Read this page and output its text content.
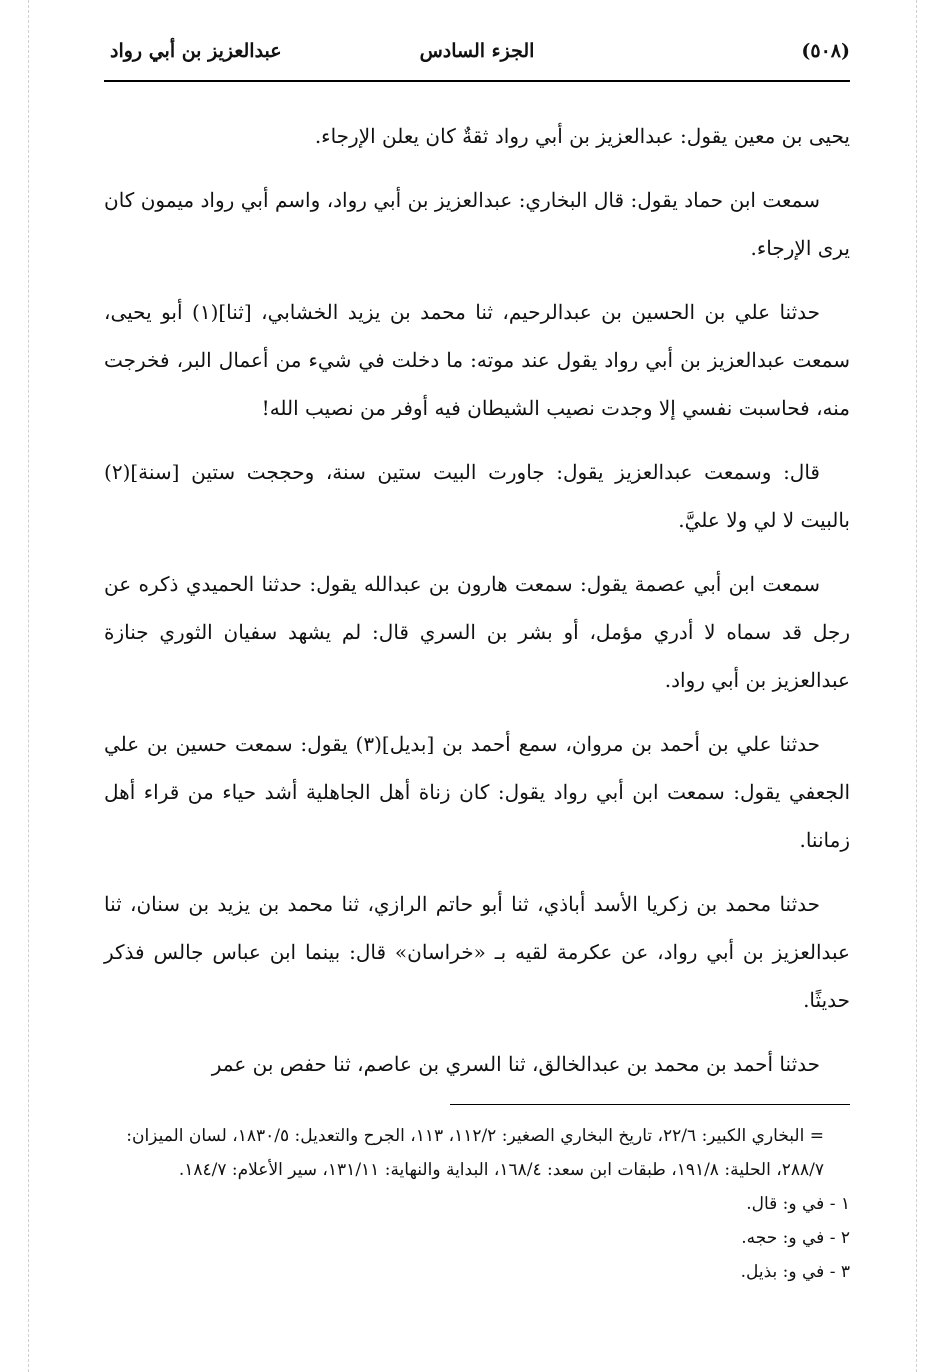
(٥٠٨)
الجزء السادس
عبدالعزيز بن أبي رواد

يحيى بن معين يقول: عبدالعزيز بن أبي رواد ثقةٌ كان يعلن الإرجاء.

سمعت ابن حماد يقول: قال البخاري: عبدالعزيز بن أبي رواد، واسم أبي رواد ميمون كان يرى الإرجاء.

حدثنا علي بن الحسين بن عبدالرحيم، ثنا محمد بن يزيد الخشابي، [ثنا](١) أبو يحيى، سمعت عبدالعزيز بن أبي رواد يقول عند موته: ما دخلت في شيء من أعمال البر، فخرجت منه، فحاسبت نفسي إلا وجدت نصيب الشيطان فيه أوفر من نصيب الله!

قال: وسمعت عبدالعزيز يقول: جاورت البيت ستين سنة، وحججت ستين [سنة](٢) بالبيت لا لي ولا عليَّ.

سمعت ابن أبي عصمة يقول: سمعت هارون بن عبدالله يقول: حدثنا الحميدي ذكره عن رجل قد سماه لا أدري مؤمل، أو بشر بن السري قال: لم يشهد سفيان الثوري جنازة عبدالعزيز بن أبي رواد.

حدثنا علي بن أحمد بن مروان، سمع أحمد بن [بديل](٣) يقول: سمعت حسين بن علي الجعفي يقول: سمعت ابن أبي رواد يقول: كان زناة أهل الجاهلية أشد حياء من قراء أهل زماننا.

حدثنا محمد بن زكريا الأسد أباذي، ثنا أبو حاتم الرازي، ثنا محمد بن يزيد بن سنان، ثنا عبدالعزيز بن أبي رواد، عن عكرمة لقيه بـ «خراسان» قال: بينما ابن عباس جالس فذكر حديثًا.

حدثنا أحمد بن محمد بن عبدالخالق، ثنا السري بن عاصم، ثنا حفص بن عمر

= البخاري الكبير: ٢٢/٦، تاريخ البخاري الصغير: ١١٢/٢، ١١٣، الجرح والتعديل: ١٨٣٠/٥، لسان الميزان: ٢٨٨/٧، الحلية: ١٩١/٨، طبقات ابن سعد: ١٦٨/٤، البداية والنهاية: ١٣١/١١، سير الأعلام: ١٨٤/٧.

١ - في و: قال.

٢ - في و: حجه.

٣ - في و: بذيل.
